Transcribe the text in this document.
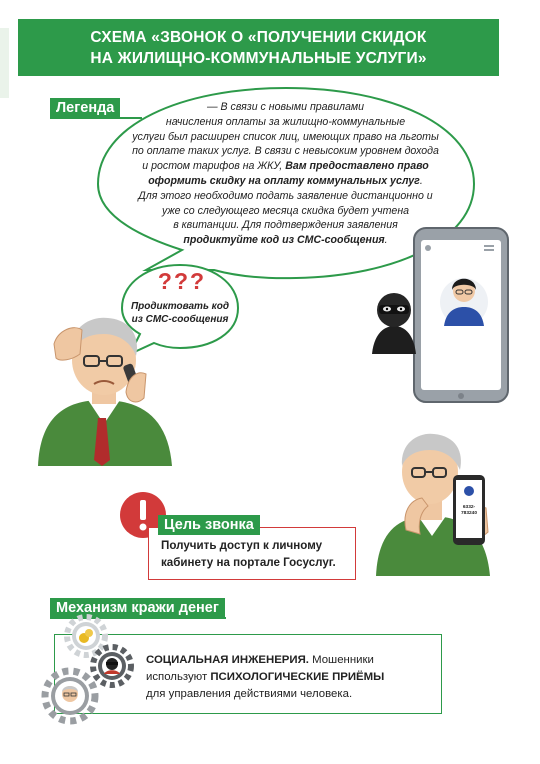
СХЕМА «ЗВОНОК О «ПОЛУЧЕНИИ СКИДОК
НА ЖИЛИЩНО-КОММУНАЛЬНЫЕ УСЛУГИ»
Легенда	— В связи с новыми правилами
начисления оплаты за жилищно-коммунальные
услуги был расширен список лиц, имеющих право на льготы
по оплате таких услуг. В связи с невысоким уровнем дохода
и ростом тарифов на ЖКУ, Вам предоставлено право
оформить скидку на оплату коммунальных услуг.
Для этого необходимо подать заявление дистанционно и
уже со следующего месяца скидка будет учтена
в квитанции. Для подтверждения заявления
продиктуйте код из СМС-сообщения.
???
Продиктовать код
из СМС-сообщения
6332-
783240
Получить доступ к личному
кабинету на портале Госуслуг.
Цель звонка
Механизм кражи денег
СОЦИАЛЬНАЯ ИНЖЕНЕРИЯ. Мошенники
используют ПСИХОЛОГИЧЕСКИЕ ПРИЁМЫ
для управления действиями человека.
